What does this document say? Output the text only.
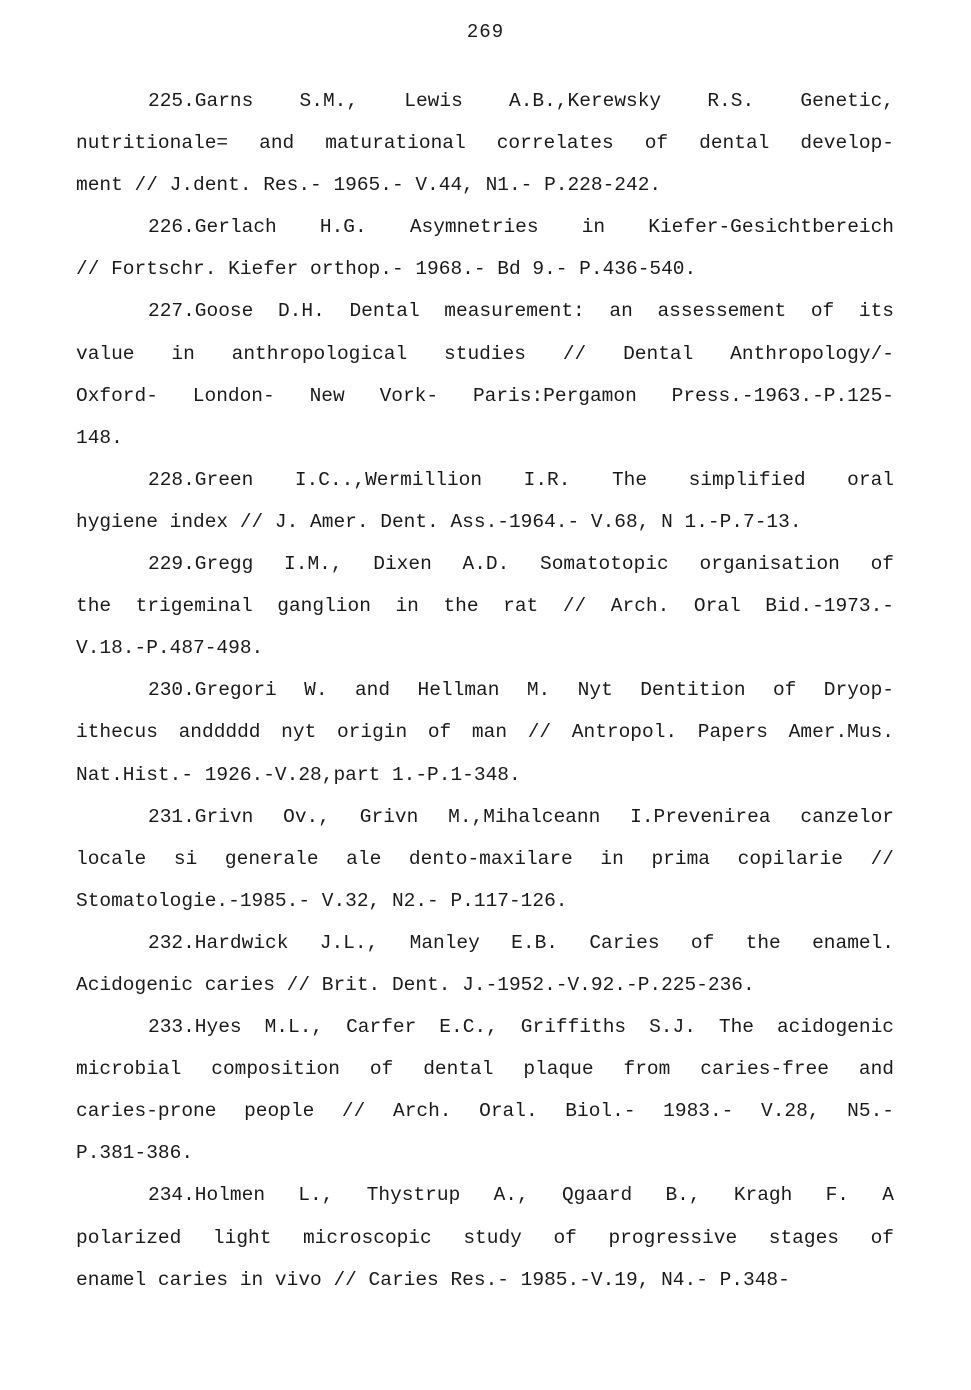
269
225.Garns S.M., Lewis A.B.,Kerewsky R.S. Genetic,
nutritionale= and maturational correlates of dental develop-
ment // J.dent. Res.- 1965.- V.44, N1.- P.228-242.
226.Gerlach H.G. Asymnetries in Kiefer-Gesichtbereich
// Fortschr. Kiefer orthop.- 1968.- Bd 9.- P.436-540.
227.Goose D.H. Dental measurement: an assessement of its
value in anthropological studies // Dental Anthropology/-
Oxford- London- New Vork- Paris:Pergamon Press.-1963.-P.125-
148.
228.Green I.C..,Wermillion I.R. The simplified oral
hygiene index // J. Amer. Dent. Ass.-1964.- V.68, N 1.-P.7-13.
229.Gregg I.M., Dixen A.D. Somatotopic organisation of
the trigeminal ganglion in the rat // Arch. Oral Bid.-1973.-
V.18.-P.487-498.
230.Gregori W. and Hellman M. Nyt Dentition of Dryop-
ithecus anddddd nyt origin of man // Antropol. Papers Amer.Mus.
Nat.Hist.- 1926.-V.28,part 1.-P.1-348.
231.Grivn Ov., Grivn M.,Mihalceann I.Prevenirea canzelor
locale si generale ale dento-maxilare in prima copilarie //
Stomatologie.-1985.- V.32, N2.- P.117-126.
232.Hardwick J.L., Manley E.B. Caries of the enamel.
Acidogenic caries // Brit. Dent. J.-1952.-V.92.-P.225-236.
233.Hyes M.L., Carfer E.C., Griffiths S.J. The acidogenic
microbial composition of dental plaque from caries-free and
caries-prone people // Arch. Oral. Biol.- 1983.- V.28, N5.-
P.381-386.
234.Holmen L., Thystrup A., Qgaard B., Kragh F. A
polarized light microscopic study of progressive stages of
enamel caries in vivo // Caries Res.- 1985.-V.19, N4.- P.348-
